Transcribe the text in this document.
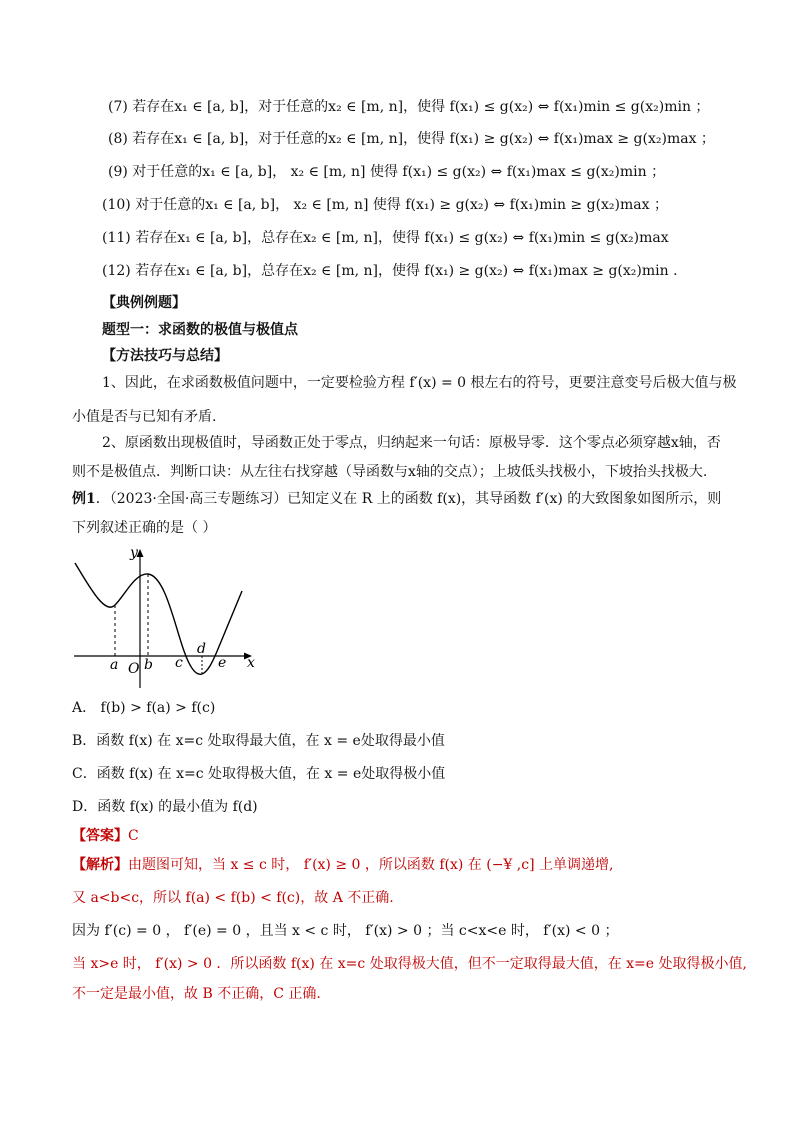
(7) 若存在x₁ ∈ [a, b]，对于任意的x₂ ∈ [m, n]，使得 f(x₁) ≤ g(x₂) ⇔ f(x₁)min ≤ g(x₂)min ；
(8) 若存在x₁ ∈ [a, b]，对于任意的x₂ ∈ [m, n]，使得 f(x₁) ≥ g(x₂) ⇔ f(x₁)max ≥ g(x₂)max ；
(9) 对于任意的x₁ ∈ [a, b]， x₂ ∈ [m, n] 使得 f(x₁) ≤ g(x₂) ⇔ f(x₁)max ≤ g(x₂)min ；
(10) 对于任意的x₁ ∈ [a, b]， x₂ ∈ [m, n] 使得 f(x₁) ≥ g(x₂) ⇔ f(x₁)min ≥ g(x₂)max ；
(11) 若存在x₁ ∈ [a, b]，总存在x₂ ∈ [m, n]，使得 f(x₁) ≤ g(x₂) ⇔ f(x₁)min ≤ g(x₂)max
(12) 若存在x₁ ∈ [a, b]，总存在x₂ ∈ [m, n]，使得 f(x₁) ≥ g(x₂) ⇔ f(x₁)max ≥ g(x₂)min .
【典例例题】
题型一：求函数的极值与极值点
【方法技巧与总结】
1、因此，在求函数极值问题中，一定要检验方程 f′(x) = 0 根左右的符号，更要注意变号后极大值与极
小值是否与已知有矛盾.
2、原函数出现极值时，导函数正处于零点，归纳起来一句话：原极导零．这个零点必须穿越x轴，否
则不是极值点．判断口诀：从左往右找穿越（导函数与x轴的交点）；上坡低头找极小，下坡抬头找极大.
例1．（2023·全国·高三专题练习）已知定义在 R 上的函数 f(x)，其导函数 f′(x) 的大致图象如图所示，则
下列叙述正确的是（ ）
y
x
a O b c
d
e
A． f(b) > f(a) > f(c)
B．函数 f(x) 在 x=c 处取得最大值，在 x = e处取得最小值
C．函数 f(x) 在 x=c 处取得极大值，在 x = e处取得极小值
D．函数 f(x) 的最小值为 f(d)
【答案】C
【解析】由题图可知，当 x ≤ c 时， f′(x) ≥ 0 ，所以函数 f(x) 在 (−¥ ,c] 上单调递增,
又 a<b<c，所以 f(a) < f(b) < f(c)，故 A 不正确.
因为 f′(c) = 0 ， f′(e) = 0 ，且当 x < c 时， f′(x) > 0 ；当 c<x<e 时， f′(x) < 0 ；
当 x>e 时， f′(x) > 0 ．所以函数 f(x) 在 x=c 处取得极大值，但不一定取得最大值，在 x=e 处取得极小值,
不一定是最小值，故 B 不正确，C 正确.
